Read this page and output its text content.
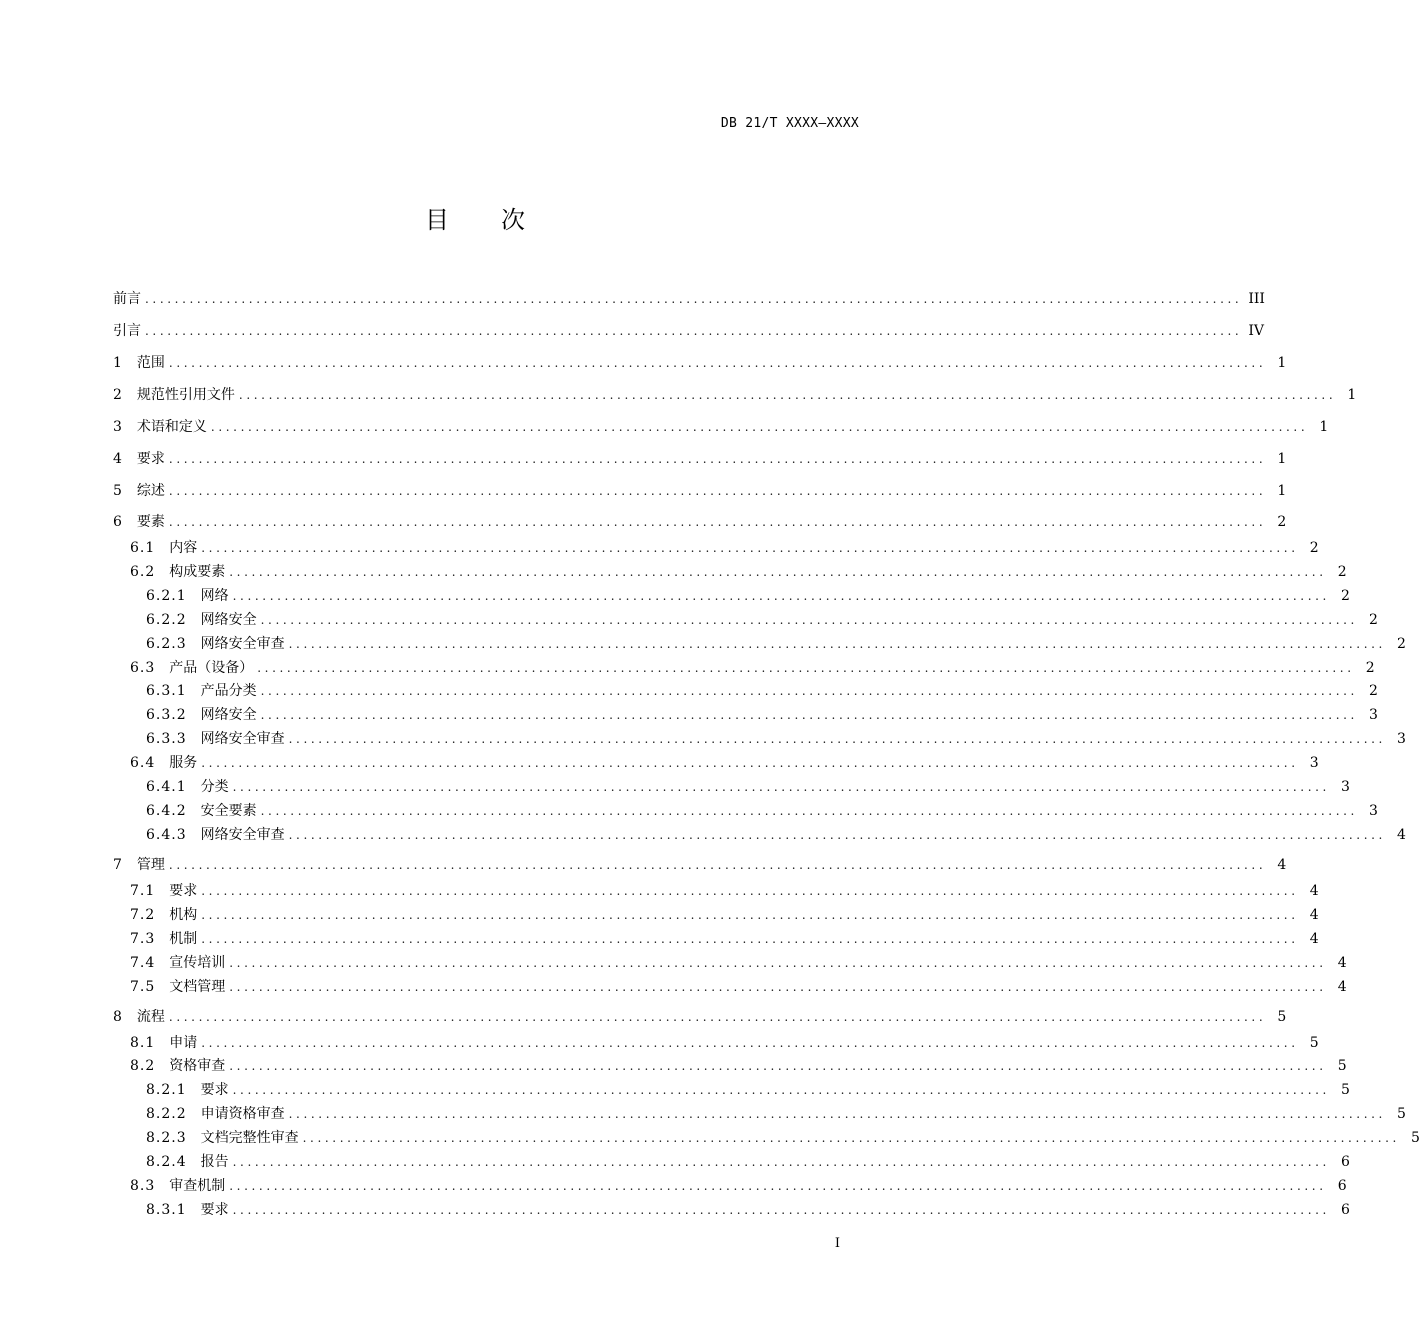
DB 21/T XXXX—XXXX
目 次
前言 .................................................................................................................................................... III
引言 .................................................................................................................................................... IV
1 范围 .................................................................................................................................................... 1
2 规范性引用文件 .................................................................................................................................................... 1
3 术语和定义 .................................................................................................................................................... 1
4 要求 .................................................................................................................................................... 1
5 综述 .................................................................................................................................................... 1
6 要素 .................................................................................................................................................... 2
6.1 内容 .................................................................................................................................................... 2
6.2 构成要素 .................................................................................................................................................... 2
6.2.1 网络 .................................................................................................................................................... 2
6.2.2 网络安全 .................................................................................................................................................... 2
6.2.3 网络安全审查 .................................................................................................................................................... 2
6.3 产品（设备） .................................................................................................................................................... 2
6.3.1 产品分类 .................................................................................................................................................... 2
6.3.2 网络安全 .................................................................................................................................................... 3
6.3.3 网络安全审查 .................................................................................................................................................... 3
6.4 服务 .................................................................................................................................................... 3
6.4.1 分类 .................................................................................................................................................... 3
6.4.2 安全要素 .................................................................................................................................................... 3
6.4.3 网络安全审查 .................................................................................................................................................... 4
7 管理 .................................................................................................................................................... 4
7.1 要求 .................................................................................................................................................... 4
7.2 机构 .................................................................................................................................................... 4
7.3 机制 .................................................................................................................................................... 4
7.4 宣传培训 .................................................................................................................................................... 4
7.5 文档管理 .................................................................................................................................................... 4
8 流程 .................................................................................................................................................... 5
8.1 申请 .................................................................................................................................................... 5
8.2 资格审查 .................................................................................................................................................... 5
8.2.1 要求 .................................................................................................................................................... 5
8.2.2 申请资格审查 .................................................................................................................................................... 5
8.2.3 文档完整性审查 .................................................................................................................................................... 5
8.2.4 报告 .................................................................................................................................................... 6
8.3 审查机制 .................................................................................................................................................... 6
8.3.1 要求 .................................................................................................................................................... 6
I
